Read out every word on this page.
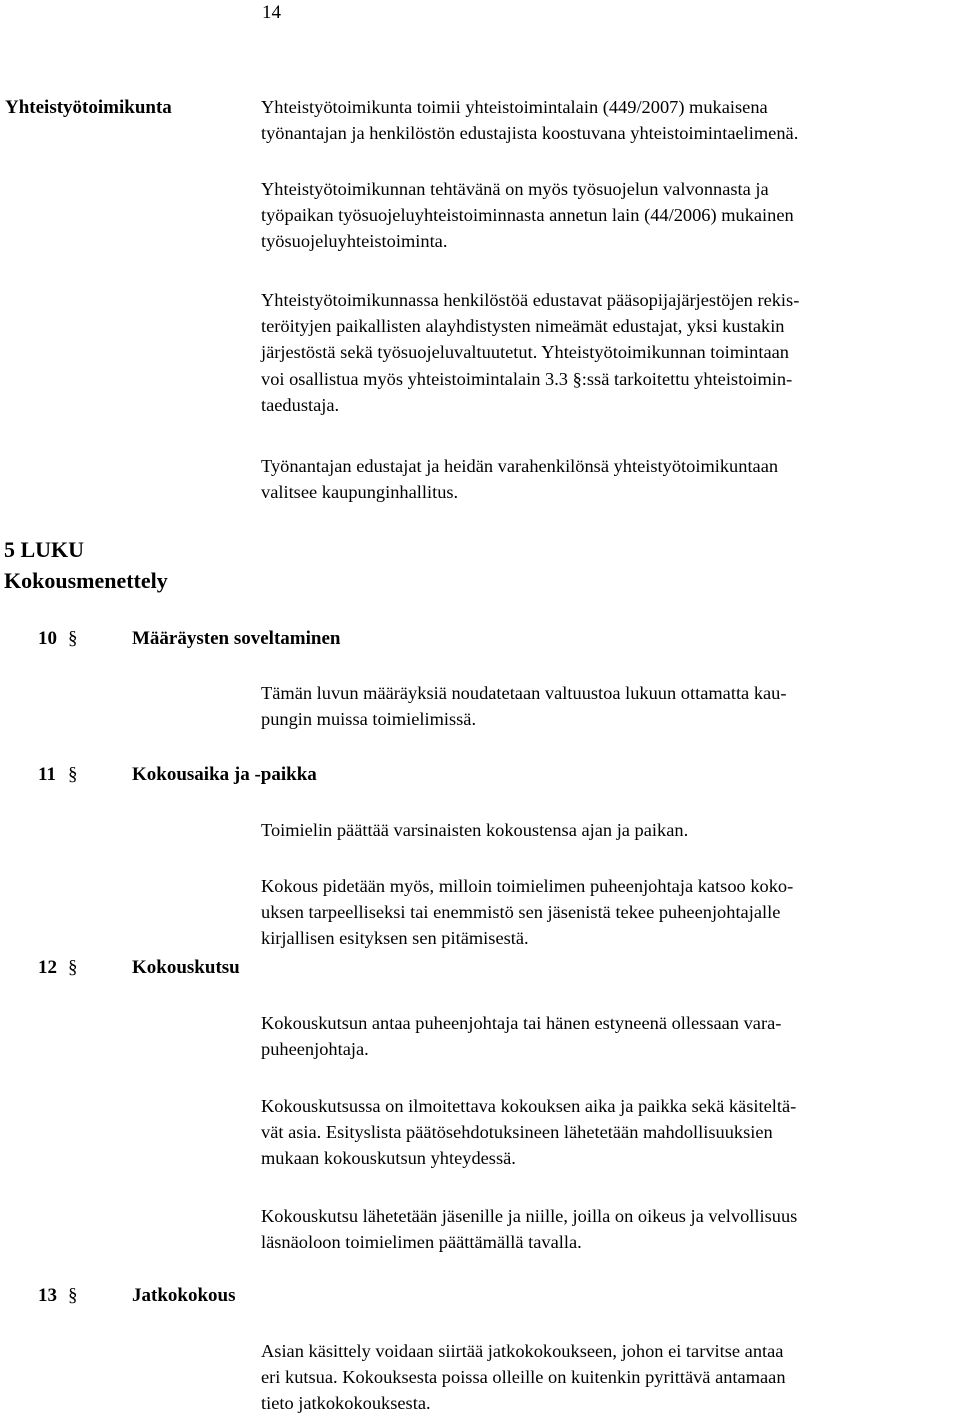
14
Yhteistyötoimikunta	Yhteistyötoimikunta toimii yhteistoimintalain (449/2007) mukaisena
työnantajan ja henkilöstön edustajista koostuvana yhteistoimintaelimenä.
Yhteistyötoimikunnan tehtävänä on myös työsuojelun valvonnasta ja
työpaikan työsuojeluyhteistoiminnasta annetun lain (44/2006) mukainen
työsuojeluyhteistoiminta.
Yhteistyötoimikunnassa henkilöstöä edustavat pääsopijajärjestöjen rekis-
teröityjen paikallisten alayhdistysten nimeämät edustajat, yksi kustakin
järjestöstä sekä työsuojeluvaltuutetut. Yhteistyötoimikunnan toimintaan
voi osallistua myös yhteistoimintalain 3.3 §:ssä tarkoitettu yhteistoimin-
taedustaja.
Työnantajan edustajat ja heidän varahenkilönsä yhteistyötoimikuntaan
valitsee kaupunginhallitus.
5 LUKU
Kokousmenettely
10 §	Määräysten soveltaminen
Tämän luvun määräyksiä noudatetaan valtuustoa lukuun ottamatta kau-
pungin muissa toimielimissä.
11 §	Kokousaika ja -paikka
Toimielin päättää varsinaisten kokoustensa ajan ja paikan.
Kokous pidetään myös, milloin toimielimen puheenjohtaja katsoo koko-
uksen tarpeelliseksi tai enemmistö sen jäsenistä tekee puheenjohtajalle
kirjallisen esityksen sen pitämisestä.
12 §	Kokouskutsu
Kokouskutsun antaa puheenjohtaja tai hänen estyneenä ollessaan vara-
puheenjohtaja.
Kokouskutsussa on ilmoitettava kokouksen aika ja paikka sekä käsiteltä-
vät asia. Esityslista päätösehdotuksineen lähetetään mahdollisuuksien
mukaan kokouskutsun yhteydessä.
Kokouskutsu lähetetään jäsenille ja niille, joilla on oikeus ja velvollisuus
läsnäoloon toimielimen päättämällä tavalla.
13 §	Jatkokokous
Asian käsittely voidaan siirtää jatkokokoukseen, johon ei tarvitse antaa
eri kutsua. Kokouksesta poissa olleille on kuitenkin pyrittävä antamaan
tieto jatkokokouksesta.
